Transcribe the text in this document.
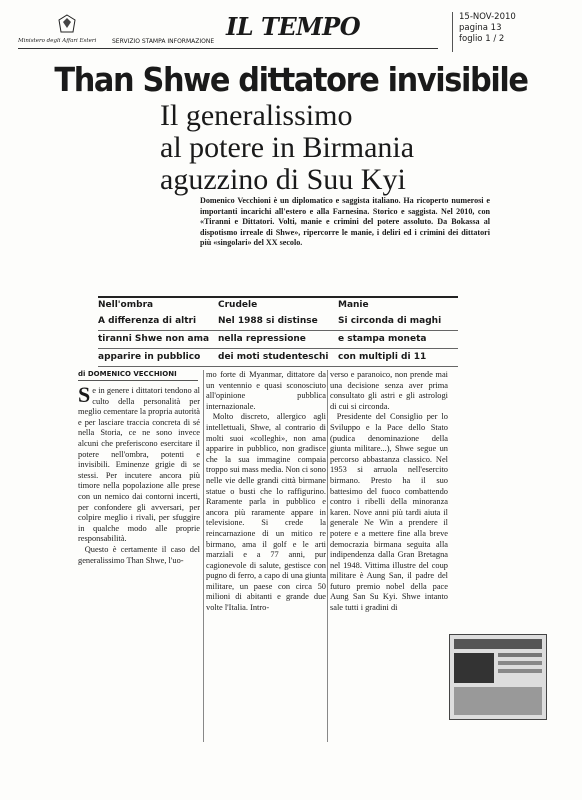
Ministero degli Affari Esteri	SERVIZIO STAMPA INFORMAZIONE
IL TEMPO	15-NOV-2010
pagina 13
foglio 1 / 2
Than Shwe dittatore invisibile
Il generalissimo
al potere in Birmania
aguzzino di Suu Kyi
Domenico Vecchioni è un diplomatico e saggista italiano. Ha ricoperto numerosi e importanti incarichi all'estero e alla Farnesina. Storico e saggista. Nel 2010, con «Tiranni e Dittatori. Volti, manie e crimini del potere assoluto. Da Bokassa al dispotismo irreale di Shwe», ripercorre le manie, i deliri ed i crimini dei dittatori più «singolari» del XX secolo.
Nell'ombra
A differenza di altri
tiranni Shwe non ama
apparire in pubblico
Crudele
Nel 1988 si distinse
nella repressione
dei moti studenteschi
Manie
Si circonda di maghi
e stampa moneta
con multipli di 11
di DOMENICO VECCHIONI

Se in genere i dittatori tendono al culto della personalità per meglio cementare la propria autorità e per lasciare traccia concreta di sé nella Storia, ce ne sono invece alcuni che preferiscono esercitare il potere nell'ombra, potenti e invisibili. Eminenze grigie di se stessi. Per incutere ancora più timore nella popolazione alle prese con un nemico dai contorni incerti, per confondere gli avversari, per colpire meglio i rivali, per sfuggire in qualche modo alle proprie responsabilità.

Questo è certamente il caso del generalissimo Than Shwe, l'uo-

mo forte di Myanmar, dittatore da un ventennio e quasi sconosciuto all'opinione pubblica internazionale.

Molto discreto, allergico agli intellettuali, Shwe, al contrario di molti suoi «colleghi», non ama apparire in pubblico, non gradisce che la sua immagine compaia troppo sui mass media. Non ci sono nelle vie delle grandi città birmane statue o busti che lo raffigurino. Raramente parla in pubblico e ancora più raramente appare in televisione. Si crede la reincarnazione di un mitico re birmano, ama il golf e le arti marziali e a 77 anni, pur cagionevole di salute, gestisce con pugno di ferro, a capo di una giunta militare, un paese con circa 50 milioni di abitanti e grande due volte l'Italia. Intro-

verso e paranoico, non prende mai una decisione senza aver prima consultato gli astri e gli astrologi di cui si circonda.

Presidente del Consiglio per lo Sviluppo e la Pace dello Stato (pudica denominazione della giunta militare...), Shwe segue un percorso abbastanza classico. Nel 1953 si arruola nell'esercito birmano. Presto ha il suo battesimo del fuoco combattendo contro i ribelli della minoranza karen. Nove anni più tardi aiuta il generale Ne Win a prendere il potere e a mettere fine alla breve democrazia birmana seguita alla indipendenza dalla Gran Bretagna nel 1948. Vittima illustre del coup militare è Aung San, il padre del futuro premio nobel della pace Aung San Su Kyi. Shwe intanto sale tutti i gradini di
